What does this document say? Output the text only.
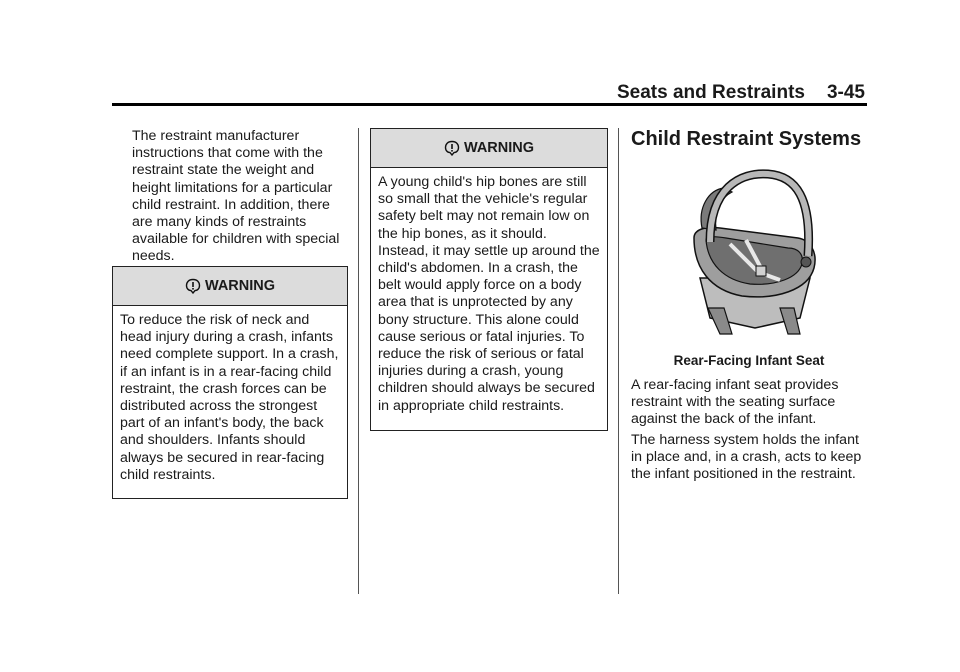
Seats and Restraints 3-45

The restraint manufacturer instructions that come with the restraint state the weight and height limitations for a particular child restraint. In addition, there are many kinds of restraints available for children with special needs.

WARNING

To reduce the risk of neck and head injury during a crash, infants need complete support. In a crash, if an infant is in a rear-facing child restraint, the crash forces can be distributed across the strongest part of an infant's body, the back and shoulders. Infants should always be secured in rear-facing child restraints.

WARNING

A young child's hip bones are still so small that the vehicle's regular safety belt may not remain low on the hip bones, as it should. Instead, it may settle up around the child's abdomen. In a crash, the belt would apply force on a body area that is unprotected by any bony structure. This alone could cause serious or fatal injuries. To reduce the risk of serious or fatal injuries during a crash, young children should always be secured in appropriate child restraints.

Child Restraint Systems
Rear-Facing Infant Seat

A rear-facing infant seat provides restraint with the seating surface against the back of the infant.

The harness system holds the infant in place and, in a crash, acts to keep the infant positioned in the restraint.
